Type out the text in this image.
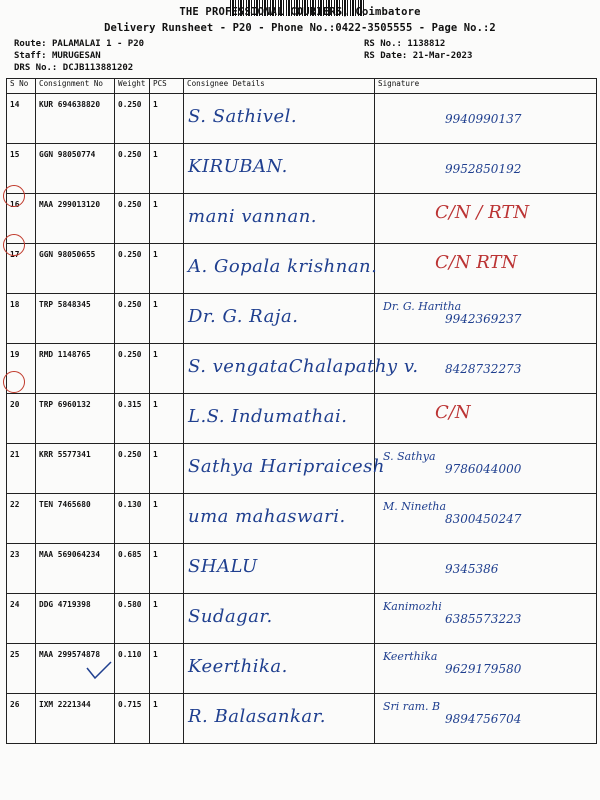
THE PROFESSIONAL COURIERS, Coimbatore
Delivery Runsheet - P20 - Phone No.:0422-3505555 - Page No.:2
Route: PALAMALAI 1 - P20
Staff: MURUGESAN
DRS No.: DCJB113881202
RS No.: 1138812
RS Date: 21-Mar-2023
S No	Consignment No	Weight	PCS	Consignee Details	Signature
14	KUR 694638820	0.250	1	S. Sathivel.	9940990137

15	GGN 98050774	0.250	1	KIRUBAN.	9952850192

16	MAA 299013120	0.250	1	mani vannan.	C/N / RTN

17	GGN 98050655	0.250	1	A. Gopala krishnan.	C/N RTN

18	TRP 5848345	0.250	1	Dr. G. Raja.	Dr. G. Haritha
9942369237

19	RMD 1148765	0.250	1	S. vengataChalapathy v.	8428732273

20	TRP 6960132	0.315	1	L.S. Indumathai.	C/N

21	KRR 5577341	0.250	1	Sathya Haripraicesh	S. Sathya
9786044000

22	TEN 7465680	0.130	1	uma mahaswari.	M. Ninetha
8300450247

23	MAA 569064234	0.685	1	SHALU	9345386

24	DDG 4719398	0.580	1	Sudagar.	Kanimozhi
6385573223

25	MAA 299574878	0.110	1	Keerthika.	Keerthika
9629179580

26	IXM 2221344	0.715	1	R. Balasankar.	Sri ram. B
9894756704
